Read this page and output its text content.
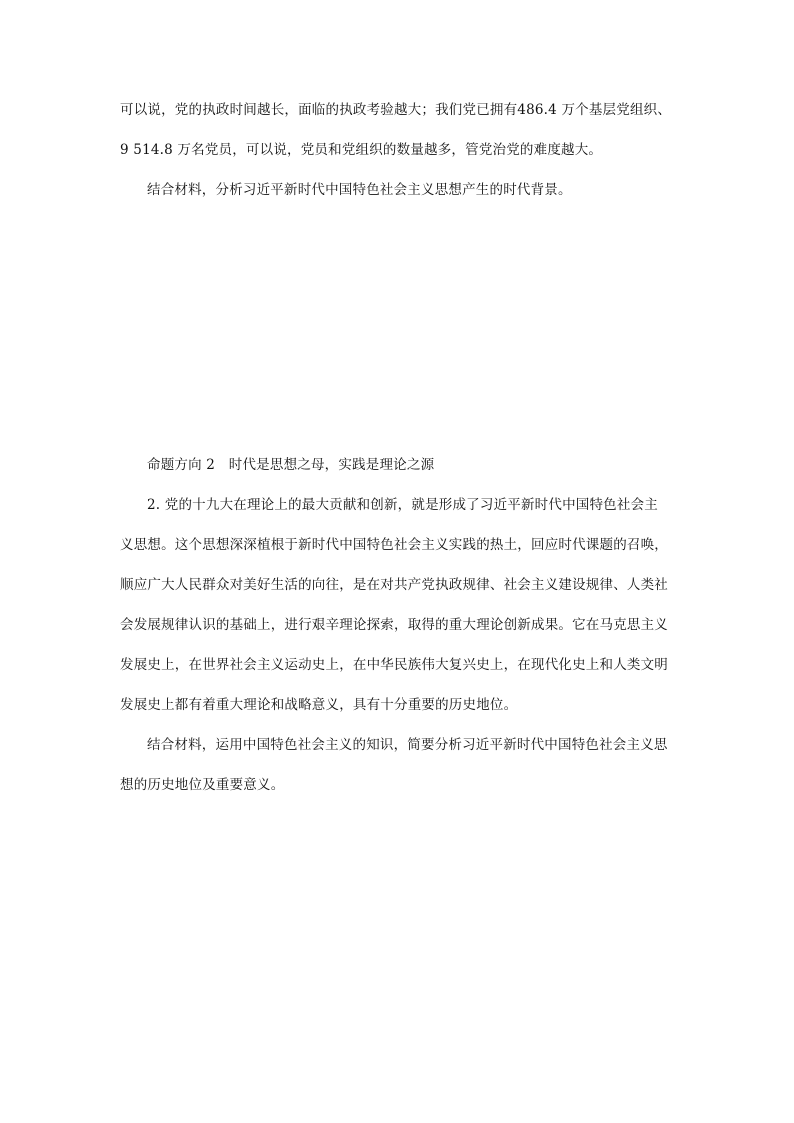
可以说，党的执政时间越长，面临的执政考验越大；我们党已拥有486.4 万个基层党组织、
9 514.8 万名党员，可以说，党员和党组织的数量越多，管党治党的难度越大。
结合材料，分析习近平新时代中国特色社会主义思想产生的时代背景。
命题方向 2　时代是思想之母，实践是理论之源
2. 党的十九大在理论上的最大贡献和创新，就是形成了习近平新时代中国特色社会主
义思想。这个思想深深植根于新时代中国特色社会主义实践的热土，回应时代课题的召唤，
顺应广大人民群众对美好生活的向往，是在对共产党执政规律、社会主义建设规律、人类社
会发展规律认识的基础上，进行艰辛理论探索，取得的重大理论创新成果。它在马克思主义
发展史上，在世界社会主义运动史上，在中华民族伟大复兴史上，在现代化史上和人类文明
发展史上都有着重大理论和战略意义，具有十分重要的历史地位。
结合材料，运用中国特色社会主义的知识，简要分析习近平新时代中国特色社会主义思
想的历史地位及重要意义。
